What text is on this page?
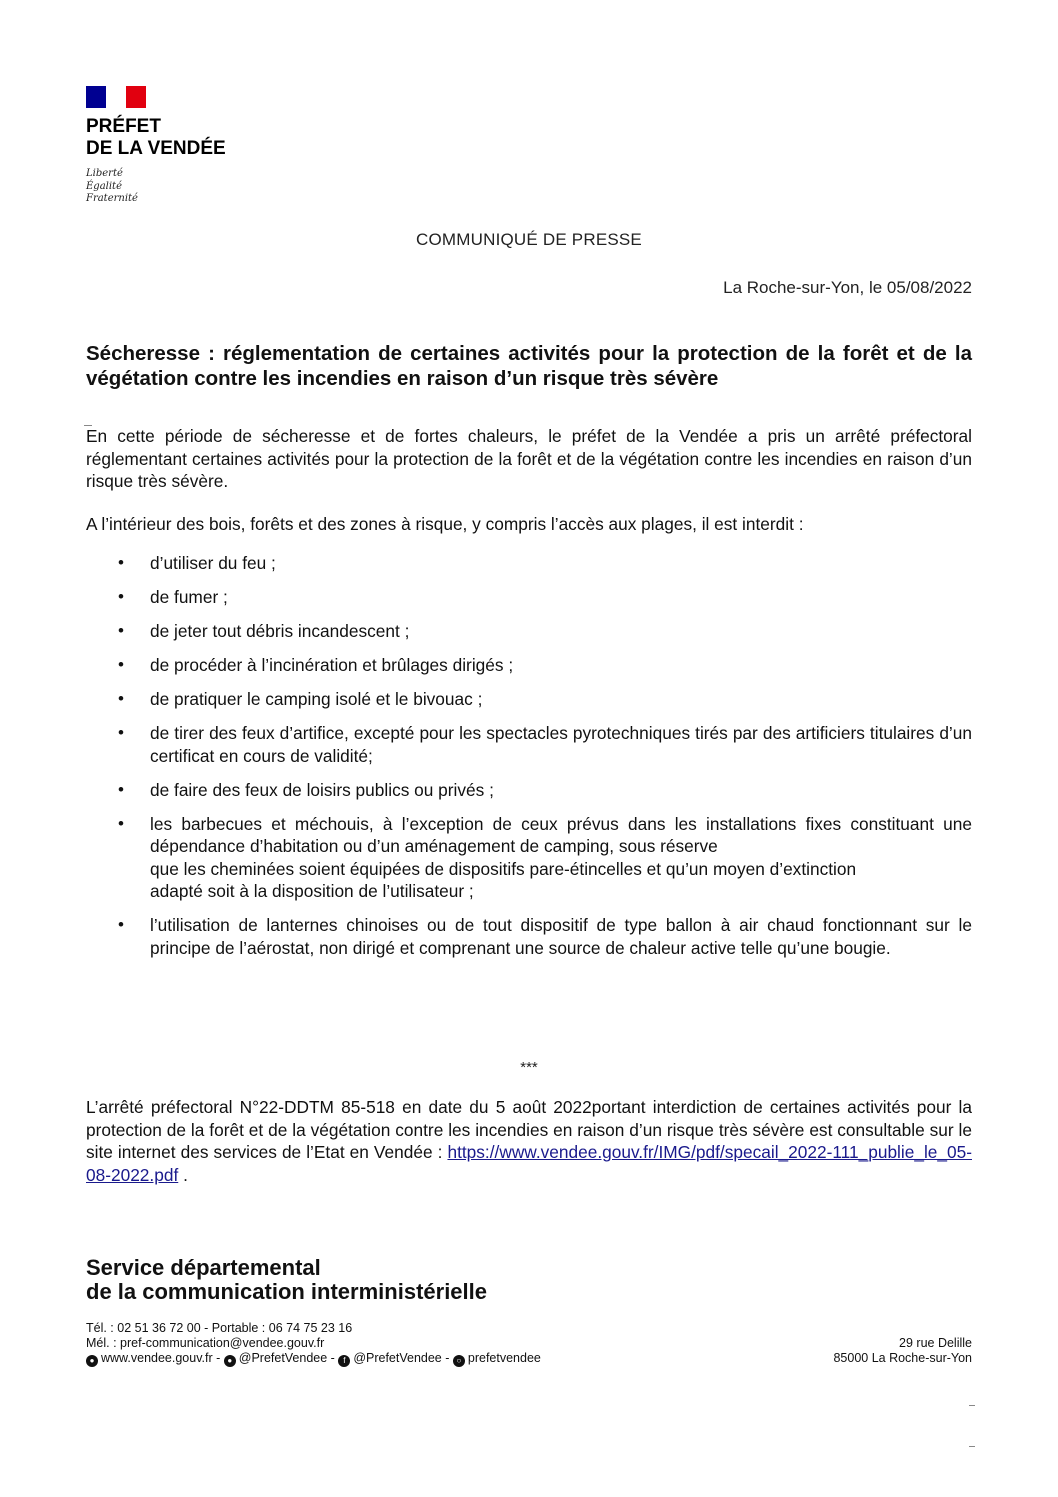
PRÉFET
DE LA VENDÉE
Liberté
Égalité
Fraternité
COMMUNIQUÉ DE PRESSE
La Roche-sur-Yon, le 05/08/2022
Sécheresse : réglementation de certaines activités pour la protection de la forêt et de la végétation contre les incendies en raison d’un risque très sévère
En cette période de sécheresse et de fortes chaleurs, le préfet de la Vendée a pris un arrêté préfectoral réglementant certaines activités pour la protection de la forêt et de la végétation contre les incendies en raison d’un risque très sévère.
A l’intérieur des bois, forêts et des zones à risque, y compris l’accès aux plages, il est interdit :
• d’utiliser du feu ;
• de fumer ;
• de jeter tout débris incandescent ;
• de procéder à l’incinération et brûlages dirigés ;
• de pratiquer le camping isolé et le bivouac ;
• de tirer des feux d’artifice, excepté pour les spectacles pyrotechniques tirés par des artificiers titulaires d’un certificat en cours de validité;
• de faire des feux de loisirs publics ou privés ;
• les barbecues et méchouis, à l’exception de ceux prévus dans les installations fixes constituant une dépendance d’habitation ou d’un aménagement de camping, sous réserve
que les cheminées soient équipées de dispositifs pare-étincelles et qu’un moyen d’extinction
adapté soit à la disposition de l’utilisateur ;
• l’utilisation de lanternes chinoises ou de tout dispositif de type ballon à air chaud fonctionnant sur le principe de l’aérostat, non dirigé et comprenant une source de chaleur active telle qu’une bougie.
***
L’arrêté préfectoral N°22-DDTM 85-518 en date du 5 août 2022portant interdiction de certaines activités pour la protection de la forêt et de la végétation contre les incendies en raison d’un risque très sévère est consultable sur le site internet des services de l’Etat en Vendée : https://www.vendee.gouv.fr/IMG/pdf/specail_2022-111_publie_le_05-08-2022.pdf .
Service départemental
de la communication interministérielle
Tél. : 02 51 36 72 00 - Portable : 06 74 75 23 16
Mél. : pref-communication@vendee.gouv.fr
● www.vendee.gouv.fr - ● @PrefetVendee - f @PrefetVendee - ○ prefetvendee
29 rue Delille
85000 La Roche-sur-Yon
